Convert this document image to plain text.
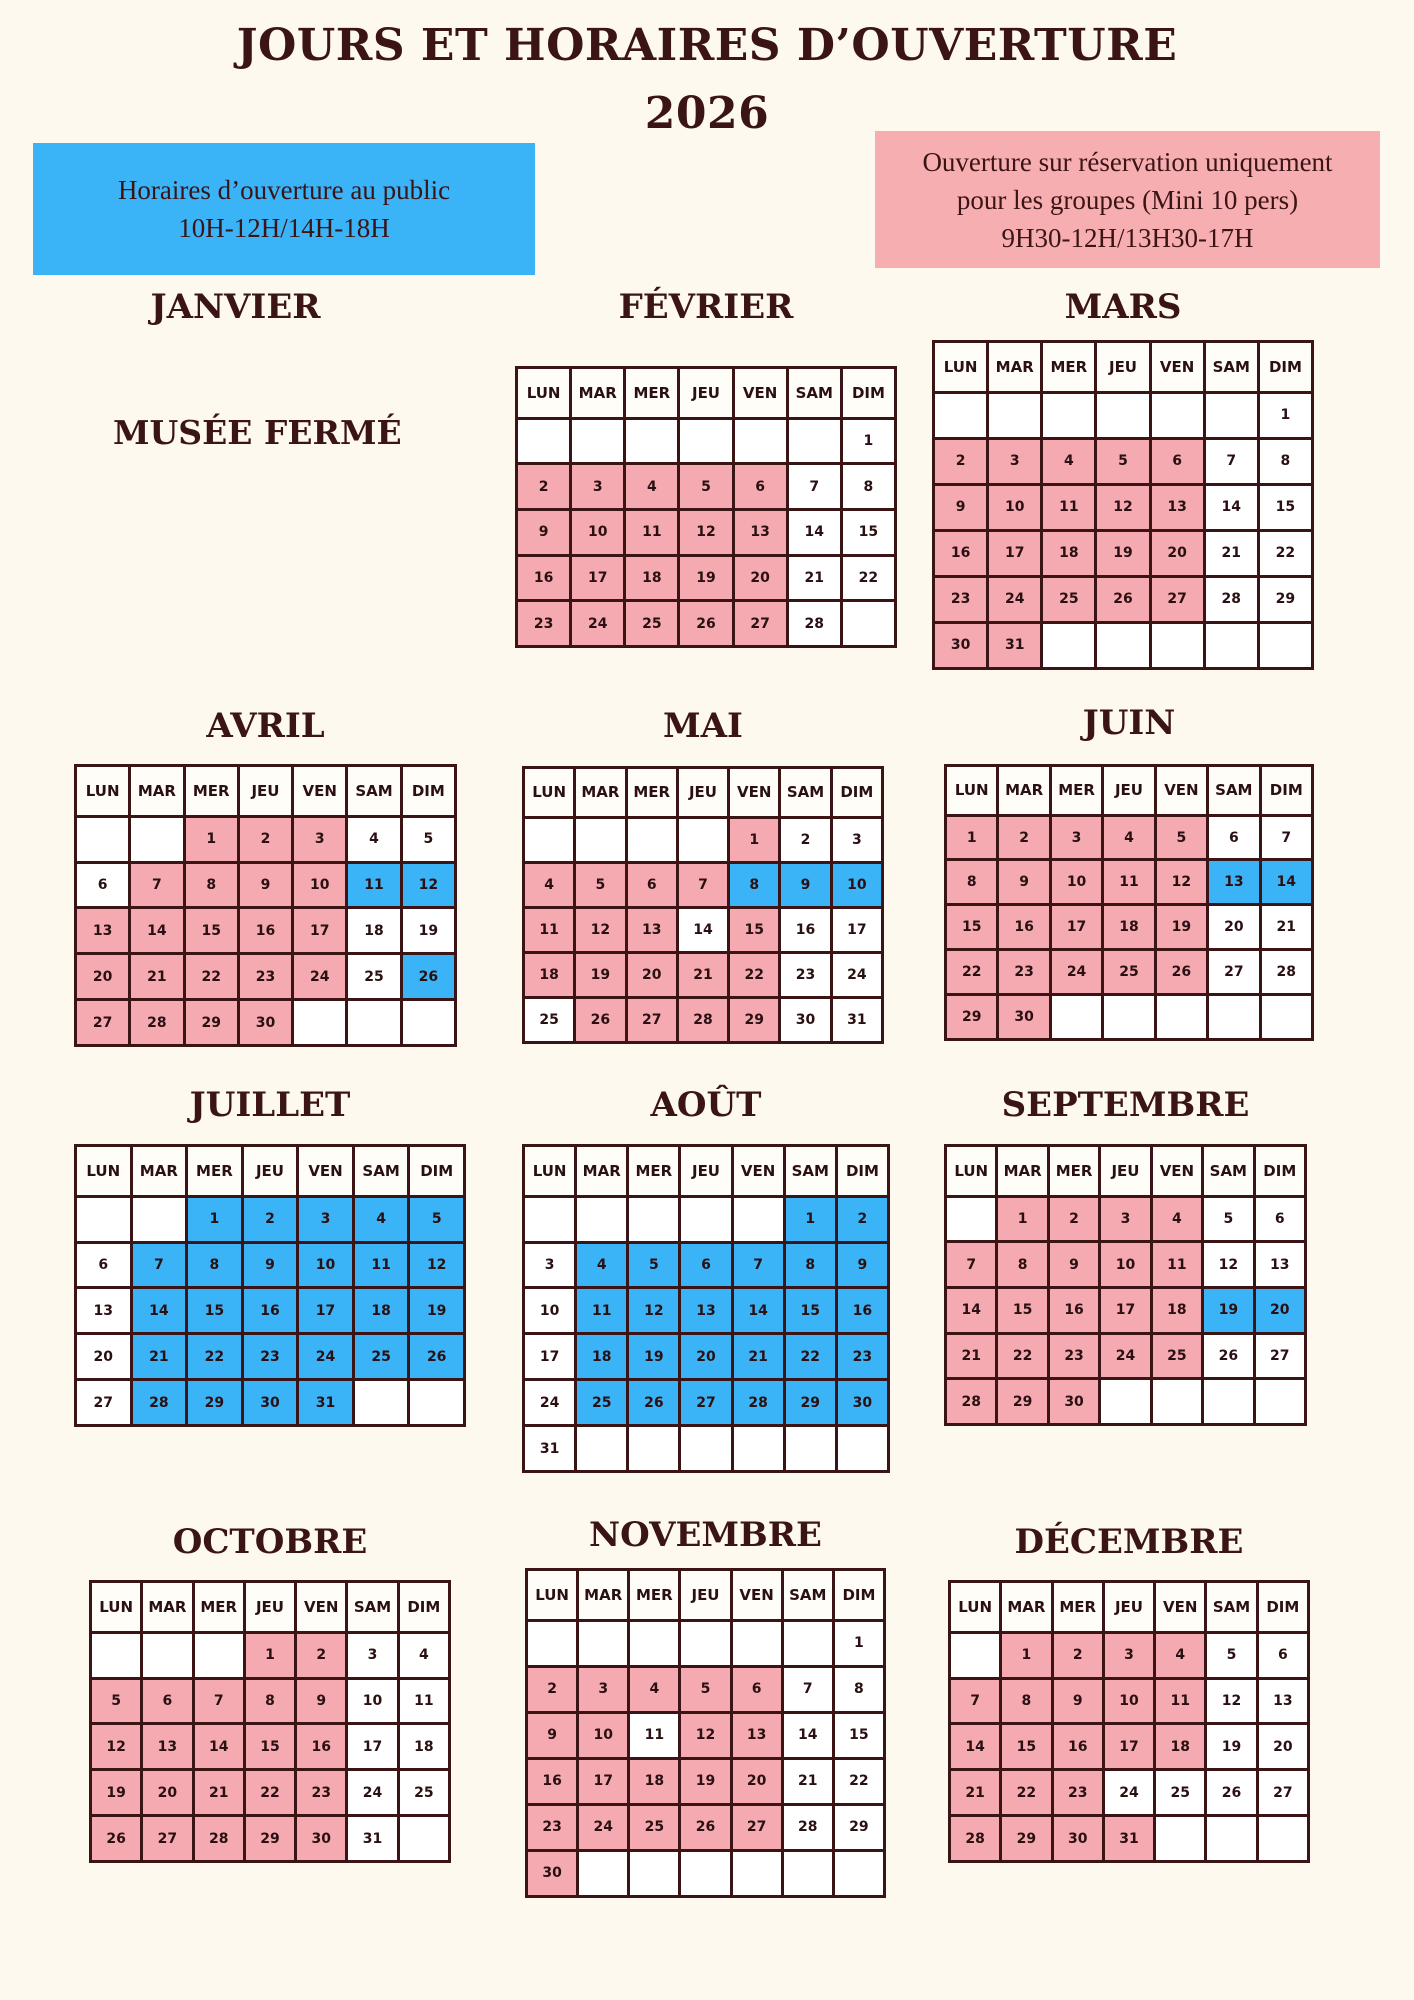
JOURS ET HORAIRES D’OUVERTURE
2026
Horaires d’ouverture au public
10H-12H/14H-18H
Ouverture sur réservation uniquement
pour les groupes (Mini 10 pers)
9H30-12H/13H30-17H
JANVIER
MUSÉE FERMÉ
FÉVRIER
LUN	MAR	MER	JEU	VEN	SAM	DIM
						1
2	3	4	5	6	7	8
9	10	11	12	13	14	15
16	17	18	19	20	21	22
23	24	25	26	27	28	
MARS
LUN	MAR	MER	JEU	VEN	SAM	DIM
						1
2	3	4	5	6	7	8
9	10	11	12	13	14	15
16	17	18	19	20	21	22
23	24	25	26	27	28	29
30	31					
AVRIL
LUN	MAR	MER	JEU	VEN	SAM	DIM
		1	2	3	4	5
6	7	8	9	10	11	12
13	14	15	16	17	18	19
20	21	22	23	24	25	26
27	28	29	30			
MAI
LUN	MAR	MER	JEU	VEN	SAM	DIM
				1	2	3
4	5	6	7	8	9	10
11	12	13	14	15	16	17
18	19	20	21	22	23	24
25	26	27	28	29	30	31
JUIN
LUN	MAR	MER	JEU	VEN	SAM	DIM
1	2	3	4	5	6	7
8	9	10	11	12	13	14
15	16	17	18	19	20	21
22	23	24	25	26	27	28
29	30					
JUILLET
LUN	MAR	MER	JEU	VEN	SAM	DIM
		1	2	3	4	5
6	7	8	9	10	11	12
13	14	15	16	17	18	19
20	21	22	23	24	25	26
27	28	29	30	31		
AOÛT
LUN	MAR	MER	JEU	VEN	SAM	DIM
					1	2
3	4	5	6	7	8	9
10	11	12	13	14	15	16
17	18	19	20	21	22	23
24	25	26	27	28	29	30
31						
SEPTEMBRE
LUN	MAR	MER	JEU	VEN	SAM	DIM
	1	2	3	4	5	6
7	8	9	10	11	12	13
14	15	16	17	18	19	20
21	22	23	24	25	26	27
28	29	30				
OCTOBRE
LUN	MAR	MER	JEU	VEN	SAM	DIM
			1	2	3	4
5	6	7	8	9	10	11
12	13	14	15	16	17	18
19	20	21	22	23	24	25
26	27	28	29	30	31	
NOVEMBRE
LUN	MAR	MER	JEU	VEN	SAM	DIM
						1
2	3	4	5	6	7	8
9	10	11	12	13	14	15
16	17	18	19	20	21	22
23	24	25	26	27	28	29
30						
DÉCEMBRE
LUN	MAR	MER	JEU	VEN	SAM	DIM
	1	2	3	4	5	6
7	8	9	10	11	12	13
14	15	16	17	18	19	20
21	22	23	24	25	26	27
28	29	30	31			
